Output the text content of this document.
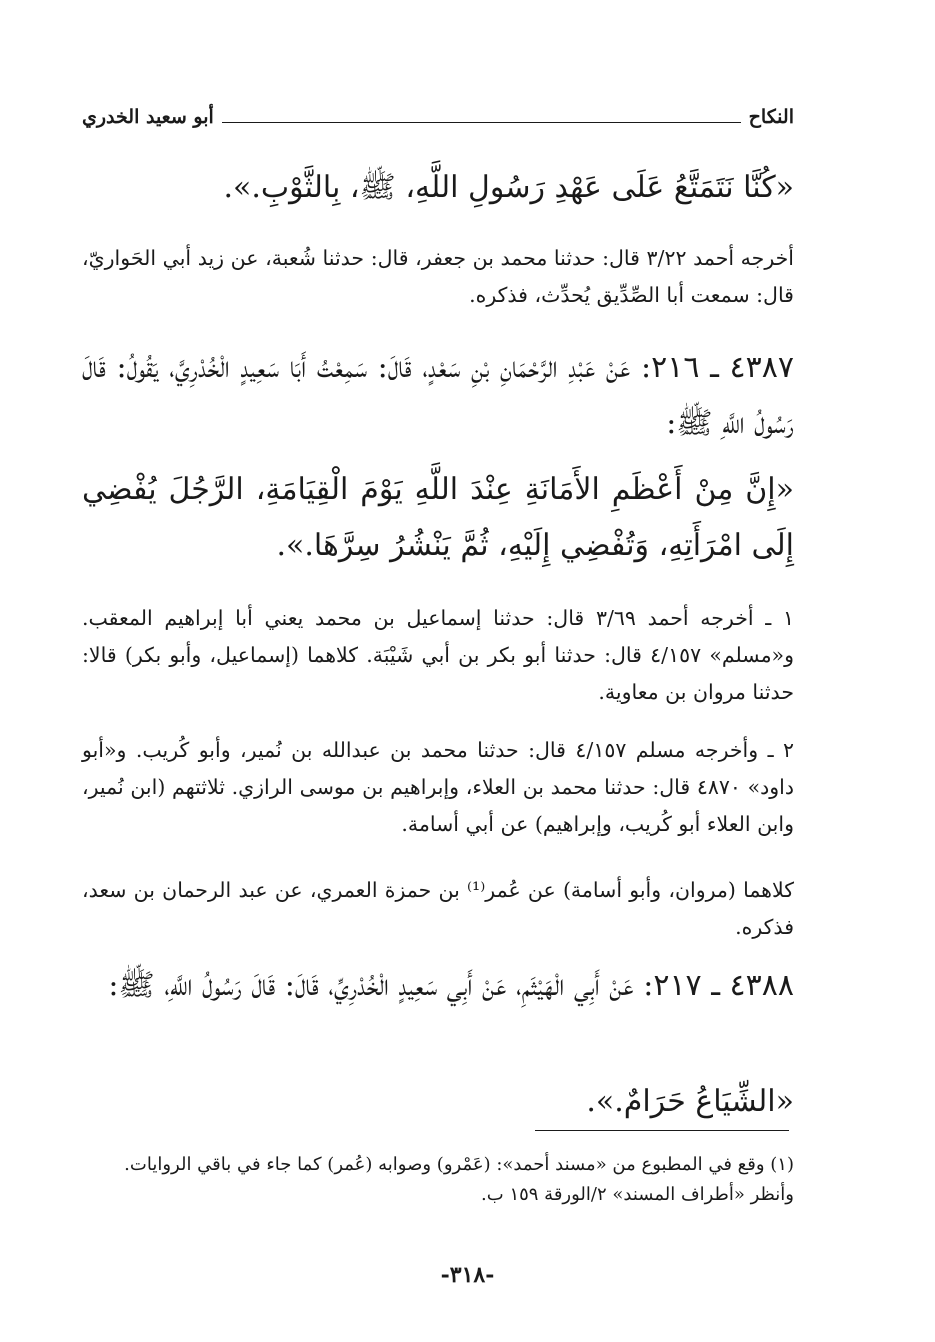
النكاح
أبو سعيد الخدري
«كُنَّا نَتَمَتَّعُ عَلَى عَهْدِ رَسُولِ اللَّهِ، ﷺ، بِالثَّوْبِ.».
أخرجه أحمد ٣/٢٢ قال: حدثنا محمد بن جعفر، قال: حدثنا شُعبة، عن زيد أبي الحَواريّ، قال: سمعت أبا الصِّدِّيق يُحدِّث، فذكره.
٤٣٨٧ ـ ٢١٦: عَنْ عَبْدِ الرَّحْمَانِ بْنِ سَعْدٍ، قَالَ: سَمِعْتُ أَبَا سَعِيدٍ الْخُدْرِيَّ، يَقُولُ: قَالَ رَسُولُ اللَّهِ ﷺ:
«إِنَّ مِنْ أَعْظَمِ الأَمَانَةِ عِنْدَ اللَّهِ يَوْمَ الْقِيَامَةِ، الرَّجُلَ يُفْضِي إِلَى امْرَأَتِهِ، وَتُفْضِي إِلَيْهِ، ثُمَّ يَنْشُرُ سِرَّهَا.».
١ ـ أخرجه أحمد ٣/٦٩ قال: حدثنا إسماعيل بن محمد يعني أبا إبراهيم المعقب. و«مسلم» ٤/١٥٧ قال: حدثنا أبو بكر بن أبي شَيْبَة. كلاهما (إسماعيل، وأبو بكر) قالا: حدثنا مروان بن معاوية.
٢ ـ وأخرجه مسلم ٤/١٥٧ قال: حدثنا محمد بن عبدالله بن نُمير، وأبو كُريب. و«أبو داود» ٤٨٧٠ قال: حدثنا محمد بن العلاء، وإبراهيم بن موسى الرازي. ثلاثتهم (ابن نُمير، وابن العلاء أبو كُريب، وإبراهيم) عن أبي أسامة.
كلاهما (مروان، وأبو أسامة) عن عُمر⁽¹⁾ بن حمزة العمري، عن عبد الرحمان بن سعد، فذكره.
٤٣٨٨ ـ ٢١٧: عَنْ أَبِي الْهَيْثَمِ، عَنْ أَبِي سَعِيدٍ الْخُدْرِيِّ، قَالَ: قَالَ رَسُولُ اللَّهِ، ﷺ:
«الشِّيَاعُ حَرَامٌ.».
(١) وقع في المطبوع من «مسند أحمد»: (عَمْرو) وصوابه (عُمر) كما جاء في باقي الروايات.
وأنظر «أطراف المسند» ٢/الورقة ١٥٩ ب.
-٣١٨-
